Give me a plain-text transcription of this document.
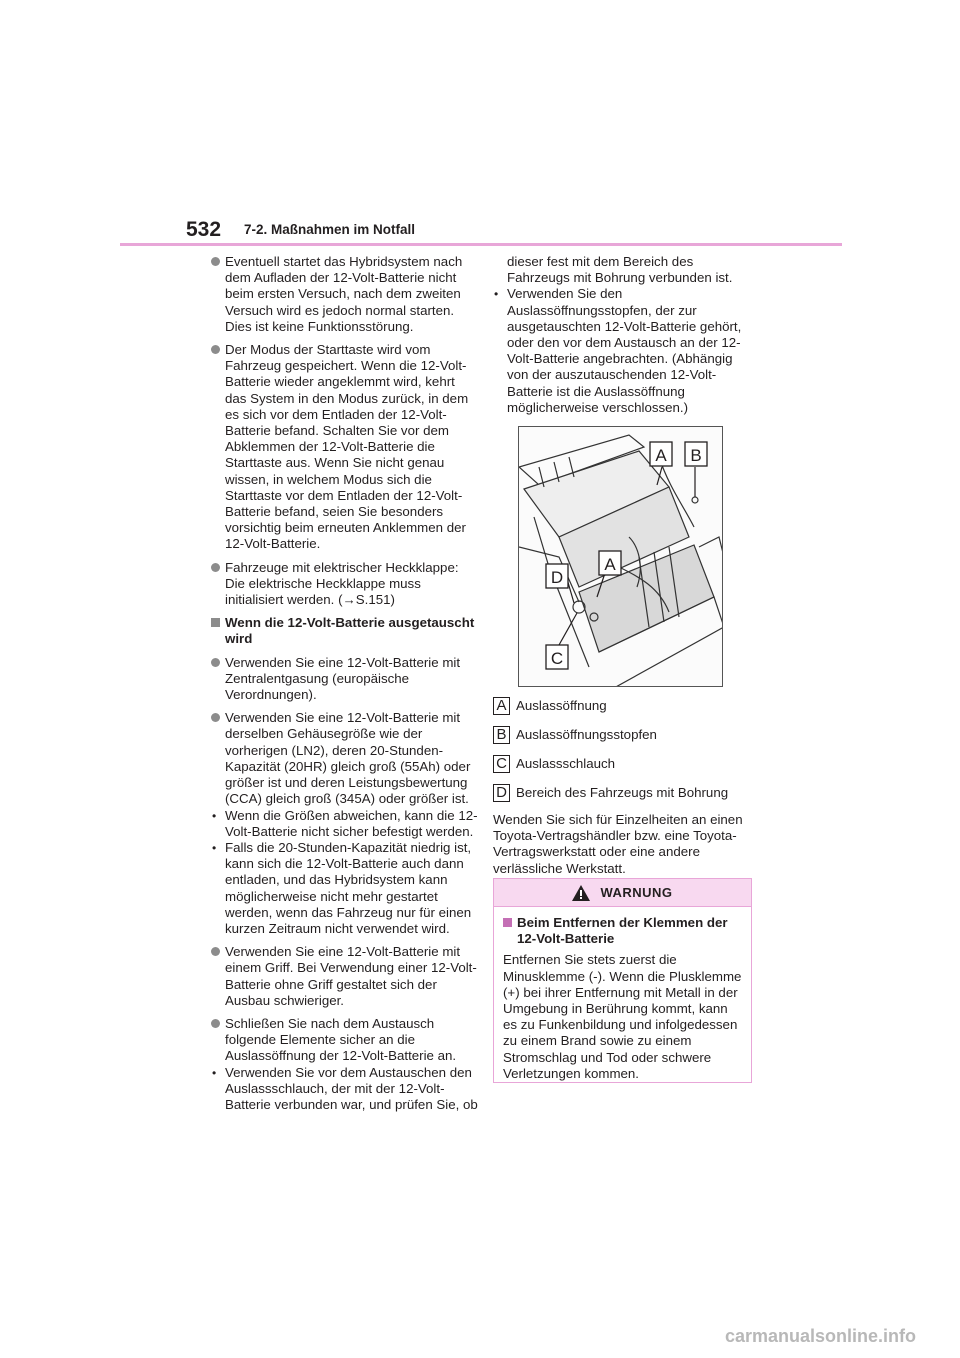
532 7-2. Maßnahmen im Notfall
Eventuell startet das Hybridsystem nach dem Aufladen der 12-Volt-Batterie nicht beim ersten Versuch, nach dem zweiten Versuch wird es jedoch normal starten. Dies ist keine Funktionsstörung.
Der Modus der Starttaste wird vom Fahrzeug gespeichert. Wenn die 12-Volt-Batterie wieder angeklemmt wird, kehrt das System in den Modus zurück, in dem es sich vor dem Entladen der 12-Volt-Batterie befand. Schalten Sie vor dem Abklemmen der 12-Volt-Batterie die Starttaste aus. Wenn Sie nicht genau wissen, in welchem Modus sich die Starttaste vor dem Entladen der 12-Volt-Batterie befand, seien Sie besonders vorsichtig beim erneuten Anklemmen der 12-Volt-Batterie.
Fahrzeuge mit elektrischer Heckklappe: Die elektrische Heckklappe muss initialisiert werden. (→S.151)
Wenn die 12-Volt-Batterie ausgetauscht wird
Verwenden Sie eine 12-Volt-Batterie mit Zentralentgasung (europäische Verordnungen).
Verwenden Sie eine 12-Volt-Batterie mit derselben Gehäusegröße wie der vorherigen (LN2), deren 20-Stunden-Kapazität (20HR) gleich groß (55Ah) oder größer ist und deren Leistungsbewertung (CCA) gleich groß (345A) oder größer ist.
• Wenn die Größen abweichen, kann die 12-Volt-Batterie nicht sicher befestigt werden.
• Falls die 20-Stunden-Kapazität niedrig ist, kann sich die 12-Volt-Batterie auch dann entladen, und das Hybridsystem kann möglicherweise nicht mehr gestartet werden, wenn das Fahrzeug nur für einen kurzen Zeitraum nicht verwendet wird.
Verwenden Sie eine 12-Volt-Batterie mit einem Griff. Bei Verwendung einer 12-Volt-Batterie ohne Griff gestaltet sich der Ausbau schwieriger.
Schließen Sie nach dem Austausch folgende Elemente sicher an die Auslassöffnung der 12-Volt-Batterie an.
• Verwenden Sie vor dem Austauschen den Auslassschlauch, der mit der 12-Volt-Batterie verbunden war, und prüfen Sie, ob
dieser fest mit dem Bereich des Fahrzeugs mit Bohrung verbunden ist.
• Verwenden Sie den Auslassöffnungsstopfen, der zur ausgetauschten 12-Volt-Batterie gehört, oder den vor dem Austausch an der 12-Volt-Batterie angebrachten. (Abhängig von der auszutauschenden 12-Volt-Batterie ist die Auslassöffnung möglicherweise verschlossen.)
A B
A
D
C
A Auslassöffnung
B Auslassöffnungsstopfen
C Auslassschlauch
D Bereich des Fahrzeugs mit Bohrung
Wenden Sie sich für Einzelheiten an einen Toyota-Vertragshändler bzw. eine Toyota-Vertragswerkstatt oder eine andere verlässliche Werkstatt.
WARNUNG
Beim Entfernen der Klemmen der 12-Volt-Batterie
Entfernen Sie stets zuerst die Minusklemme (-). Wenn die Plusklemme (+) bei ihrer Entfernung mit Metall in der Umgebung in Berührung kommt, kann es zu Funkenbildung und infolgedessen zu einem Brand sowie zu einem Stromschlag und Tod oder schwere Verletzungen kommen.
carmanualsonline.info
